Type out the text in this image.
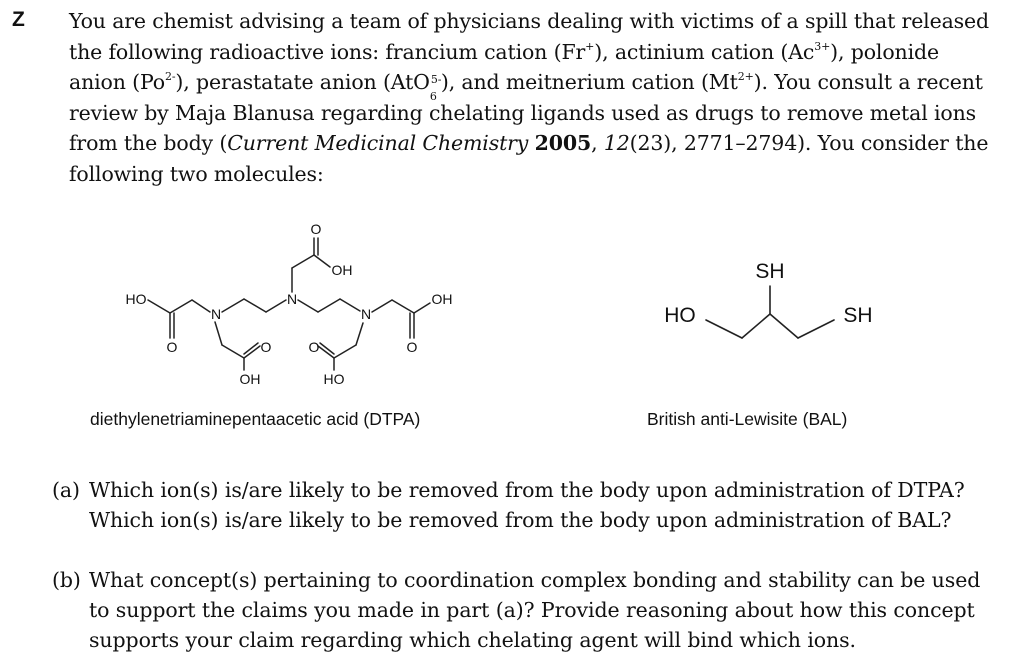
Z You are chemist advising a team of physicians dealing with victims of a spill that released the following radioactive ions: francium cation (Fr+), actinium cation $(Ac^{3+})$, polonide anion $(Po^{2-})$, perastatate anion (AtO 5-
6
), and meitnerium cation $(Mt^{2+})$. You consult a recent review by Maja Blanusa regarding chelating ligands used as drugs to remove metal ions from the body (Current Medicinal Chemistry 2005, 12(23), 2771–2794). You consider the following two molecules:
HO
O
N
O
OH
N
O
OH
N
O
HO
O
OH
diethylenetriaminepentaacetic acid (DTPA)
HO
SH
SH
British anti-Lewisite (BAL)
(a) Which ion(s) is/are likely to be removed from the body upon administration of DTPA?
Which ion(s) is/are likely to be removed from the body upon administration of BAL?
(b) What concept(s) pertaining to coordination complex bonding and stability can be used to support the claims you made in part (a)? Provide reasoning about how this concept supports your claim regarding which chelating agent will bind which ions.
